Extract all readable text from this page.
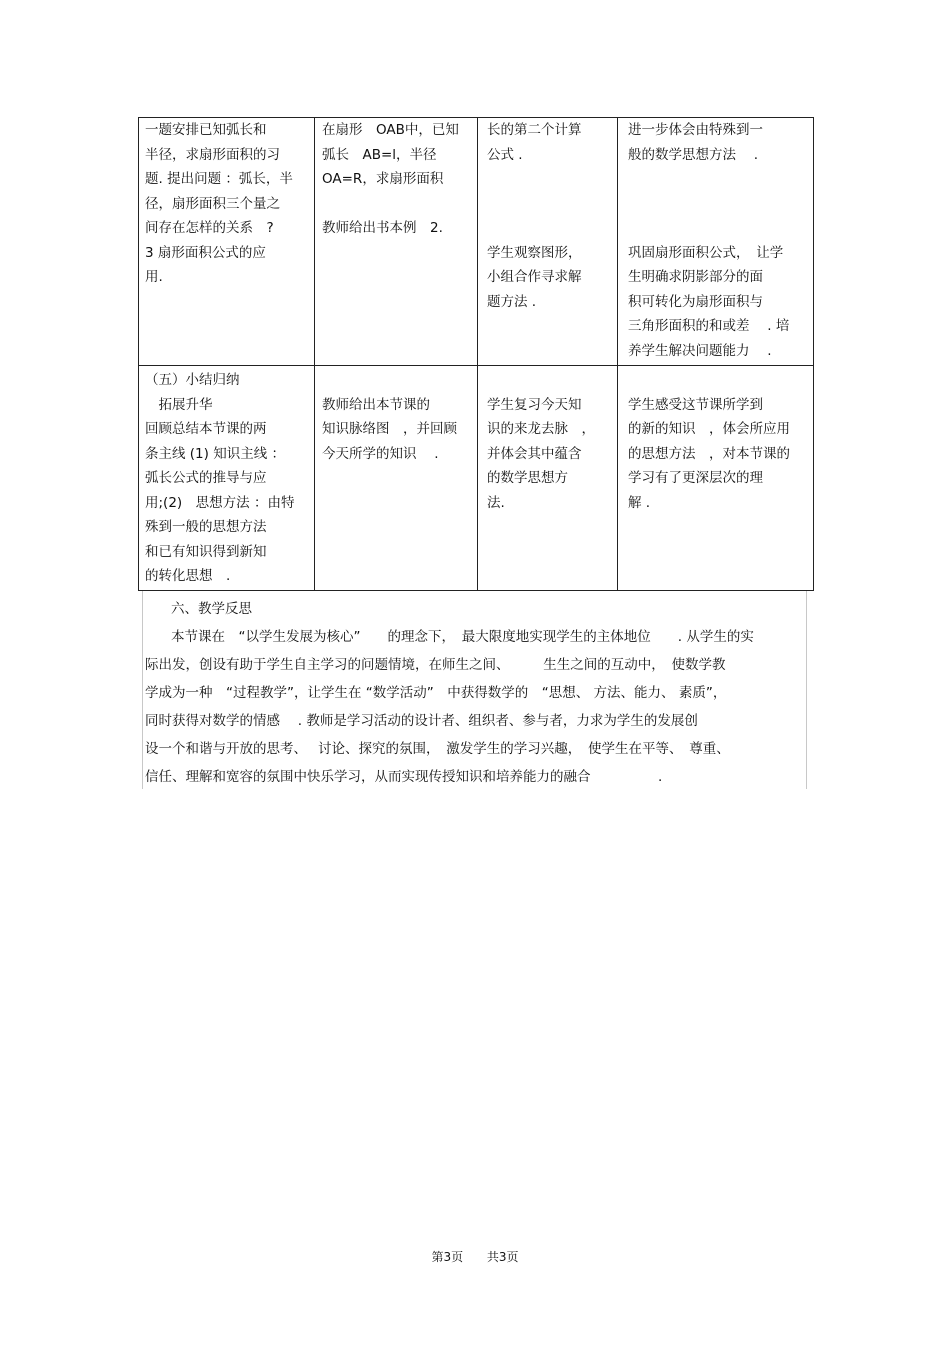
一题安排已知弧长和
半径，求扇形面积的习
题. 提出问题 ：弧长，半
径，扇形面积三个量之
间存在怎样的关系　?
3 扇形面积公式的应
用.
在扇形　OAB中，已知
弧长　AB=l，半径
OA=R，求扇形面积

教师给出书本例　2.
长的第二个计算
公式 .

学生观察图形，
小组合作寻求解
题方法 .
进一步体会由特殊到一
般的数学思想方法　 .

巩固扇形面积公式，　让学
生明确求阴影部分的面
积可转化为扇形面积与
三角形面积的和或差　 . 培
养学生解决问题能力　 .
（五）小结归纳
　拓展升华
回顾总结本节课的两
条主线 (1) 知识主线 ：
弧长公式的推导与应
用;(2)　思想方法 ：由特
殊到一般的思想方法
和已有知识得到新知
的转化思想　.

教师给出本节课的
知识脉络图　，并回顾
今天所学的知识　 .

学生复习今天知
识的来龙去脉　，
并体会其中蕴含
的数学思想方
法.

学生感受这节课所学到
的新的知识　，体会所应用
的思想方法　，对本节课的
学习有了更深层次的理
解 .
六、教学反思
本节课在　“以学生发展为核心”　　的理念下，　最大限度地实现学生的主体地位　　. 从学生的实
际出发，创设有助于学生自主学习的问题情境，在师生之间、　　　生生之间的互动中，　使数学教
学成为一种　“过程教学”，让学生在 “数学活动”　中获得数学的　“思想、 方法、能力、 素质”，
同时获得对数学的情感　 . 教师是学习活动的设计者、组织者、参与者，力求为学生的发展创
设一个和谐与开放的思考、　 讨论、探究的氛围，　激发学生的学习兴趣，　使学生在平等、　尊重、
信任、理解和宽容的氛围中快乐学习，从而实现传授知识和培养能力的融合　　　　　.
第3页 共3页
